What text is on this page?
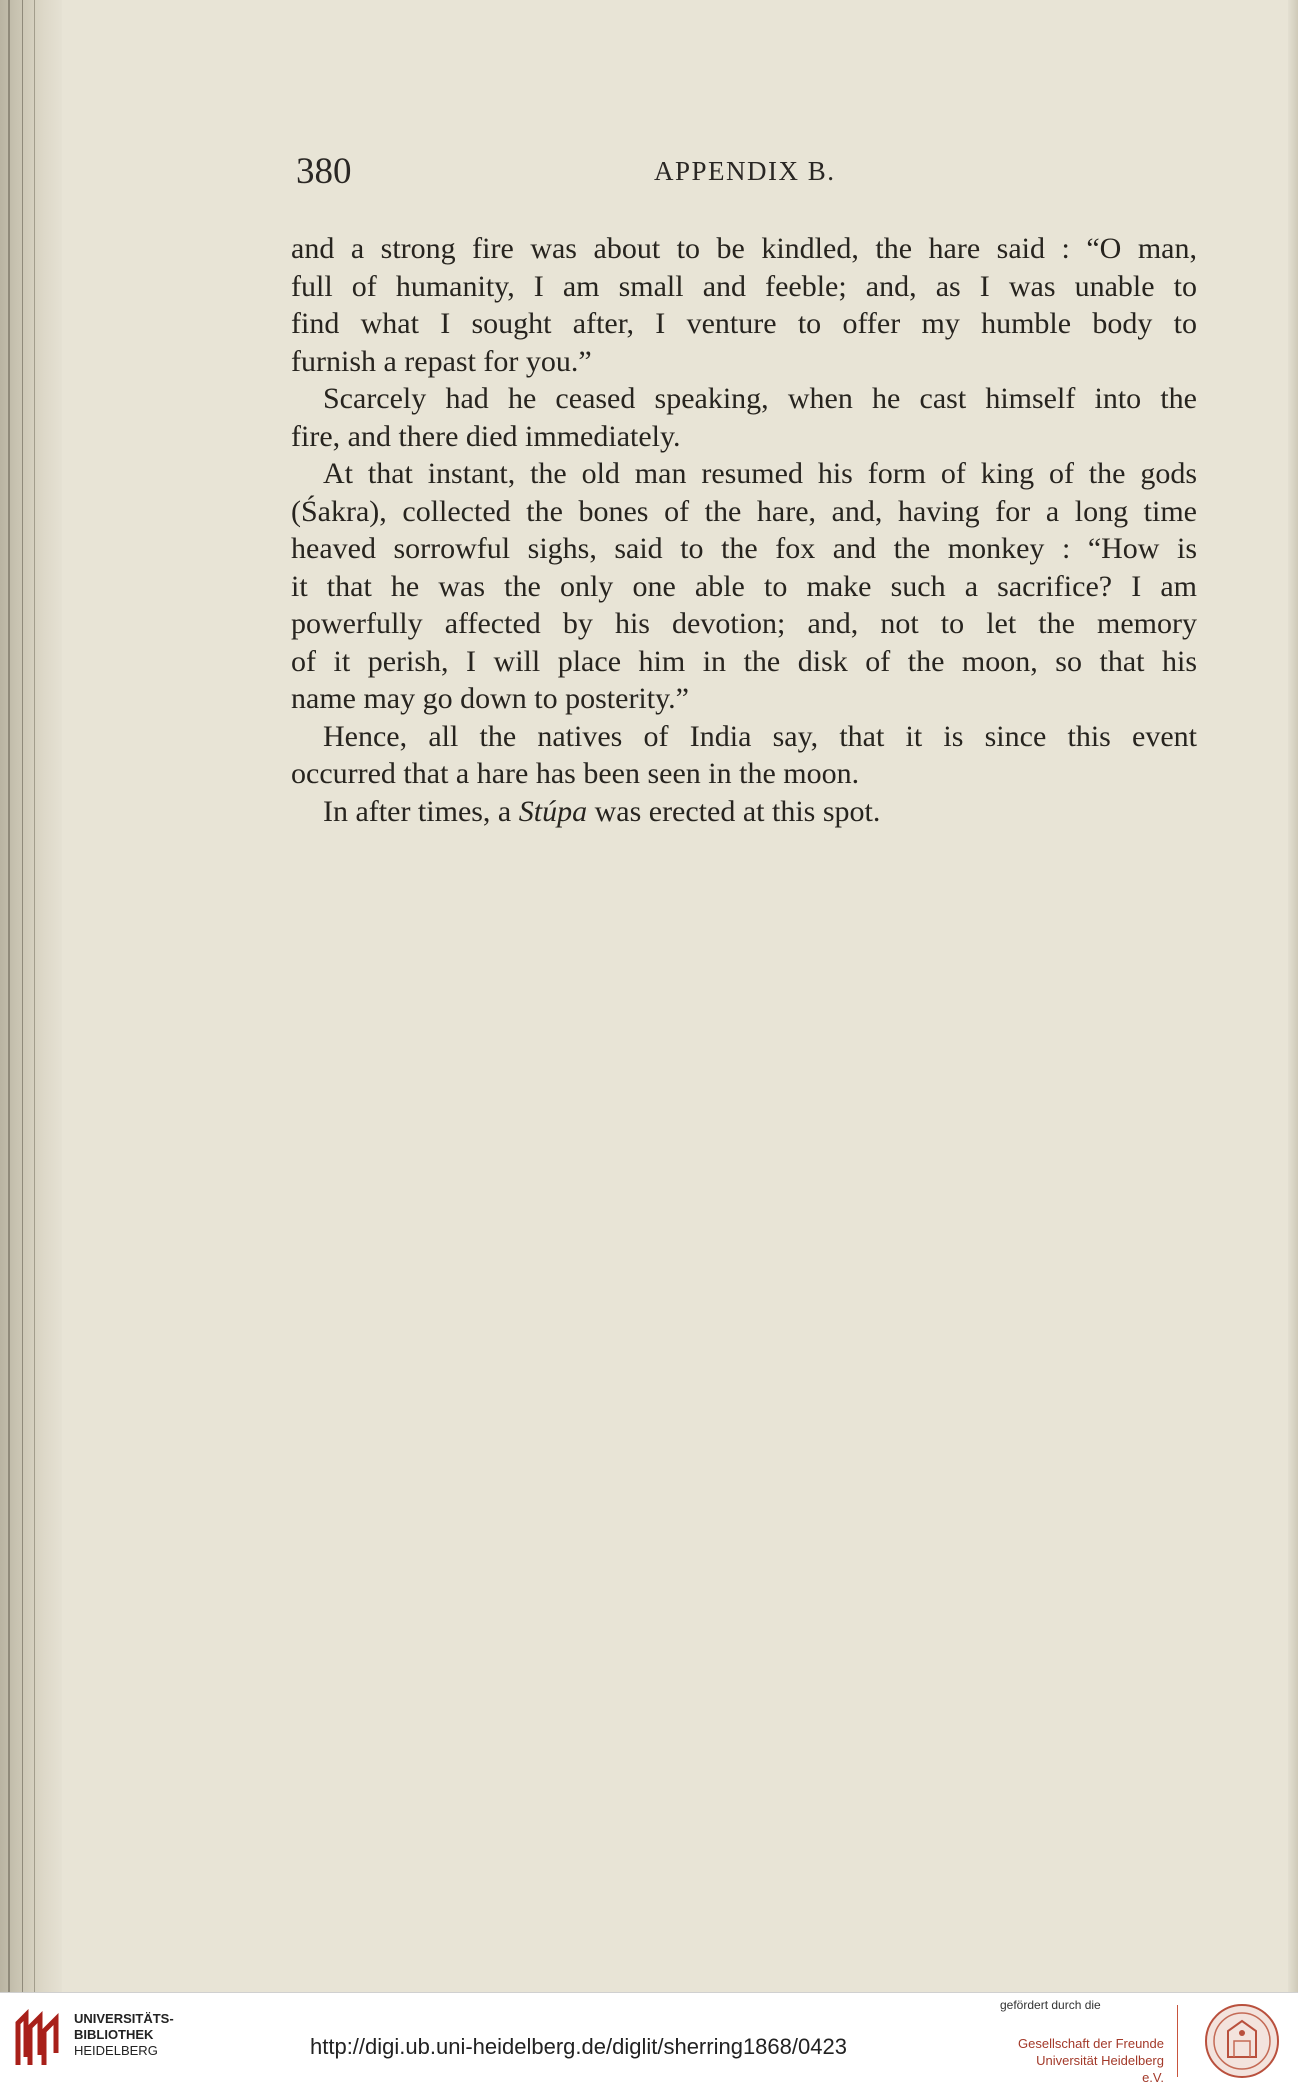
380	APPENDIX B.
and a strong fire was about to be kindled, the hare said : “O man,
full of humanity, I am small and feeble; and, as I was unable to
find what I sought after, I venture to offer my humble body to
furnish a repast for you.”
Scarcely had he ceased speaking, when he cast himself into the
fire, and there died immediately.
At that instant, the old man resumed his form of king of the gods
(Śakra), collected the bones of the hare, and, having for a long time
heaved sorrowful sighs, said to the fox and the monkey : “How is
it that he was the only one able to make such a sacrifice? I am
powerfully affected by his devotion; and, not to let the memory
of it perish, I will place him in the disk of the moon, so that his
name may go down to posterity.”
Hence, all the natives of India say, that it is since this event
occurred that a hare has been seen in the moon.
In after times, a Stúpa was erected at this spot.
UNIVERSITÄTS-
BIBLIOTHEK
HEIDELBERG	http://digi.ub.uni-heidelberg.de/diglit/sherring1868/0423
gefördert durch die
Gesellschaft der Freunde
Universität Heidelberg e.V.
